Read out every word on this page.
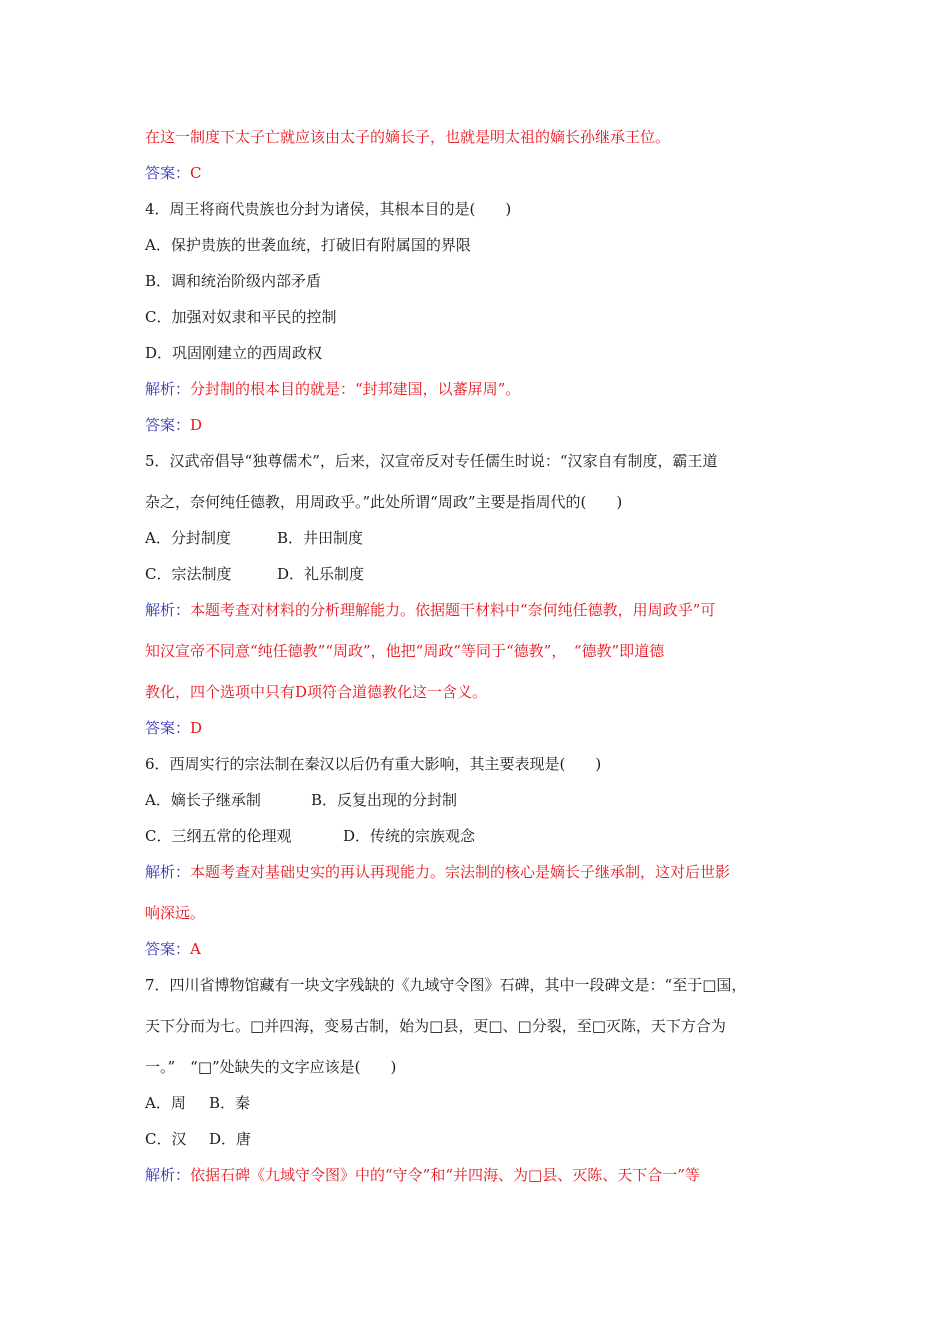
在这一制度下太子亡就应该由太子的嫡长子，也就是明太祖的嫡长孙继承王位。
答案：C
4．周王将商代贵族也分封为诸侯，其根本目的是(　　)
A．保护贵族的世袭血统，打破旧有附属国的界限
B．调和统治阶级内部矛盾
C．加强对奴隶和平民的控制
D．巩固刚建立的西周政权
解析：分封制的根本目的就是：“封邦建国，以蕃屏周”。
答案：D
5．汉武帝倡导“独尊儒术”，后来，汉宣帝反对专任儒生时说：“汉家自有制度，霸王道
杂之，奈何纯任德教，用周政乎。”此处所谓“周政”主要是指周代的(　　)
A．分封制度	B．井田制度
C．宗法制度	D．礼乐制度
解析：本题考查对材料的分析理解能力。依据题干材料中“奈何纯任德教，用周政乎”可
知汉宣帝不同意“纯任德教”“周政”，他把“周政”等同于“德教”，　“德教”即道德
教化，四个选项中只有D项符合道德教化这一含义。
答案：D
6．西周实行的宗法制在秦汉以后仍有重大影响，其主要表现是(　　)
A．嫡长子继承制	B．反复出现的分封制
C．三纲五常的伦理观	D．传统的宗族观念
解析：本题考查对基础史实的再认再现能力。宗法制的核心是嫡长子继承制，这对后世影
响深远。
答案：A
7．四川省博物馆藏有一块文字残缺的《九域守令图》石碑，其中一段碑文是：“至于□国，
天下分而为七。□并四海，变易古制，始为□县，更□、□分裂，至□灭陈，天下方合为
一。”　“□”处缺失的文字应该是(　　)
A．周 B．秦
C．汉 D．唐
解析：依据石碑《九域守令图》中的“守令”和“并四海、为□县、灭陈、天下合一”等
